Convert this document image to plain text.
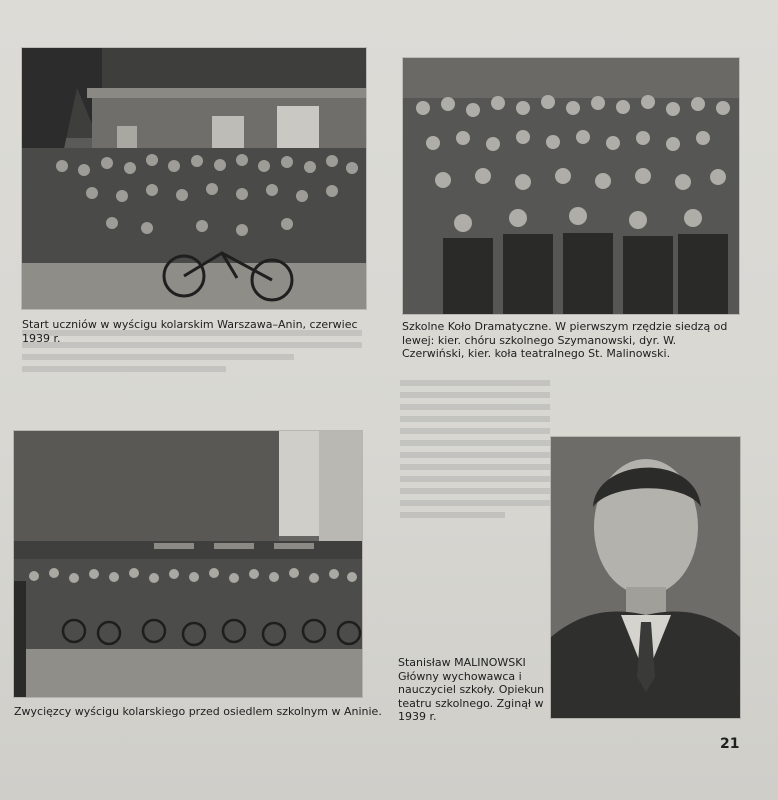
Start uczniów w wyścigu kolarskim Warszawa–Anin, czerwiec 1939 r.
Szkolne Koło Dramatyczne. W pierwszym rzędzie siedzą od lewej: kier. chóru szkolnego Szymanowski, dyr. W. Czerwiński, kier. koła teatralnego St. Malinowski.
Zwycięzcy wyścigu kolarskiego przed osiedlem szkolnym w Aninie.
Stanisław MALINOWSKI Główny wychowawca i nauczyciel szkoły. Opiekun teatru szkolnego. Zginął w 1939 r.
21
